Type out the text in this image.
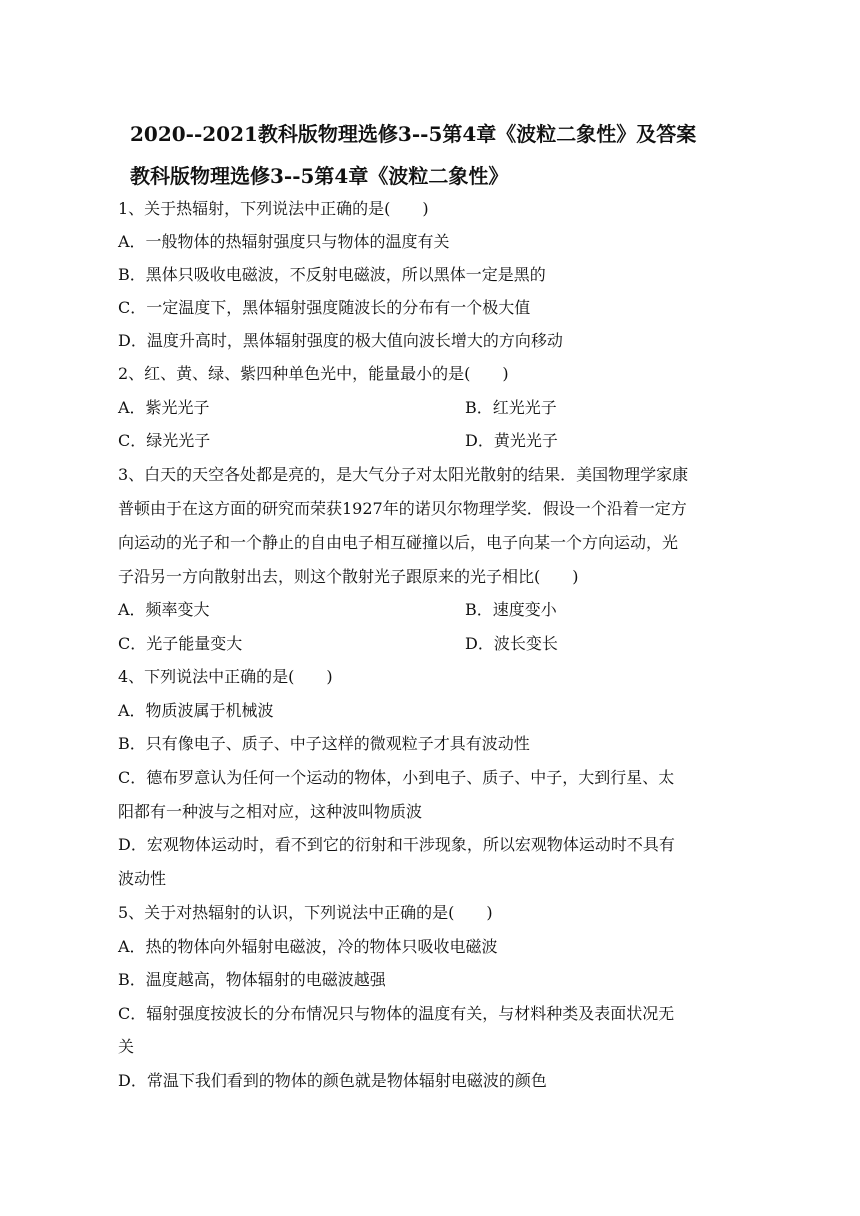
2020--2021教科版物理选修3--5第4章《波粒二象性》及答案
教科版物理选修3--5第4章《波粒二象性》
1、关于热辐射，下列说法中正确的是(　　)
A．一般物体的热辐射强度只与物体的温度有关
B．黑体只吸收电磁波，不反射电磁波，所以黑体一定是黑的
C．一定温度下，黑体辐射强度随波长的分布有一个极大值
D．温度升高时，黑体辐射强度的极大值向波长增大的方向移动
2、红、黄、绿、紫四种单色光中，能量最小的是(　　)
A．紫光光子	B．红光光子
C．绿光光子	D．黄光光子
3、白天的天空各处都是亮的，是大气分子对太阳光散射的结果．美国物理学家康
普顿由于在这方面的研究而荣获1927年的诺贝尔物理学奖．假设一个沿着一定方
向运动的光子和一个静止的自由电子相互碰撞以后，电子向某一个方向运动，光
子沿另一方向散射出去，则这个散射光子跟原来的光子相比(　　)
A．频率变大	B．速度变小
C．光子能量变大	D．波长变长
4、下列说法中正确的是(　　)
A．物质波属于机械波
B．只有像电子、质子、中子这样的微观粒子才具有波动性
C．德布罗意认为任何一个运动的物体，小到电子、质子、中子，大到行星、太
阳都有一种波与之相对应，这种波叫物质波
D．宏观物体运动时，看不到它的衍射和干涉现象，所以宏观物体运动时不具有
波动性
5、关于对热辐射的认识，下列说法中正确的是(　　)
A．热的物体向外辐射电磁波，冷的物体只吸收电磁波
B．温度越高，物体辐射的电磁波越强
C．辐射强度按波长的分布情况只与物体的温度有关，与材料种类及表面状况无
关
D．常温下我们看到的物体的颜色就是物体辐射电磁波的颜色
